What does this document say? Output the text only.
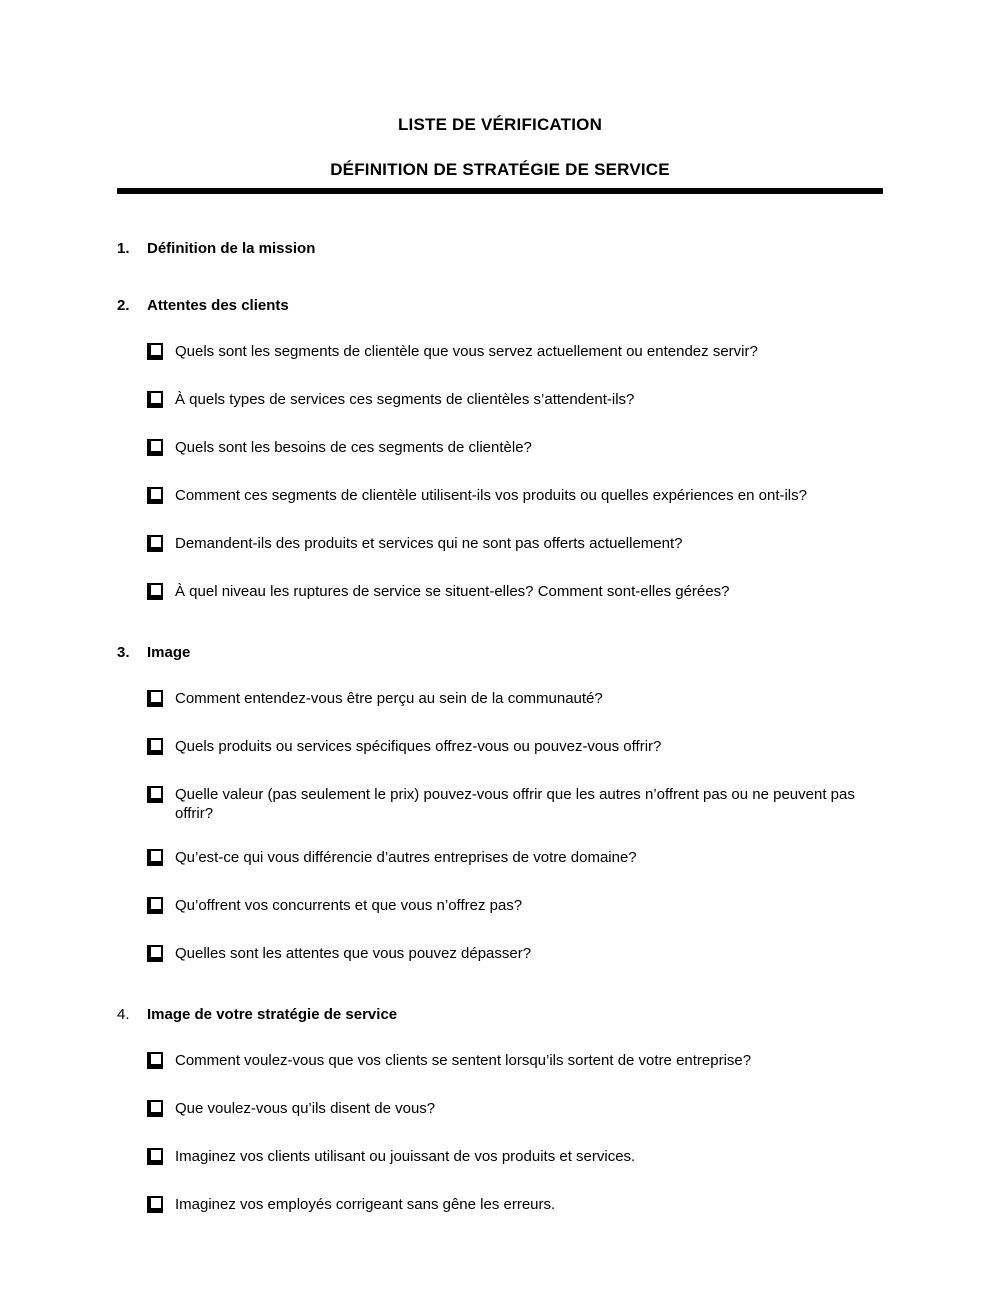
LISTE DE VÉRIFICATION
DÉFINITION DE STRATÉGIE DE SERVICE
1.	Définition de la mission
2.	Attentes des clients
Quels sont les segments de clientèle que vous servez actuellement ou entendez servir?
À quels types de services ces segments de clientèles s’attendent-ils?
Quels sont les besoins de ces segments de clientèle?
Comment ces segments de clientèle utilisent-ils vos produits ou quelles expériences en ont-ils?
Demandent-ils des produits et services qui ne sont pas offerts actuellement?
À quel niveau les ruptures de service se situent-elles? Comment sont-elles gérées?
3.	Image
Comment entendez-vous être perçu au sein de la communauté?
Quels produits ou services spécifiques offrez-vous ou pouvez-vous offrir?
Quelle valeur (pas seulement le prix) pouvez-vous offrir que les autres n’offrent pas ou ne peuvent pas offrir?
Qu’est-ce qui vous différencie d’autres entreprises de votre domaine?
Qu’offrent vos concurrents et que vous n’offrez pas?
Quelles sont les attentes que vous pouvez dépasser?
4.	Image de votre stratégie de service
Comment voulez-vous que vos clients se sentent lorsqu’ils sortent de votre entreprise?
Que voulez-vous qu’ils disent de vous?
Imaginez vos clients utilisant ou jouissant de vos produits et services.
Imaginez vos employés corrigeant sans gêne les erreurs.
